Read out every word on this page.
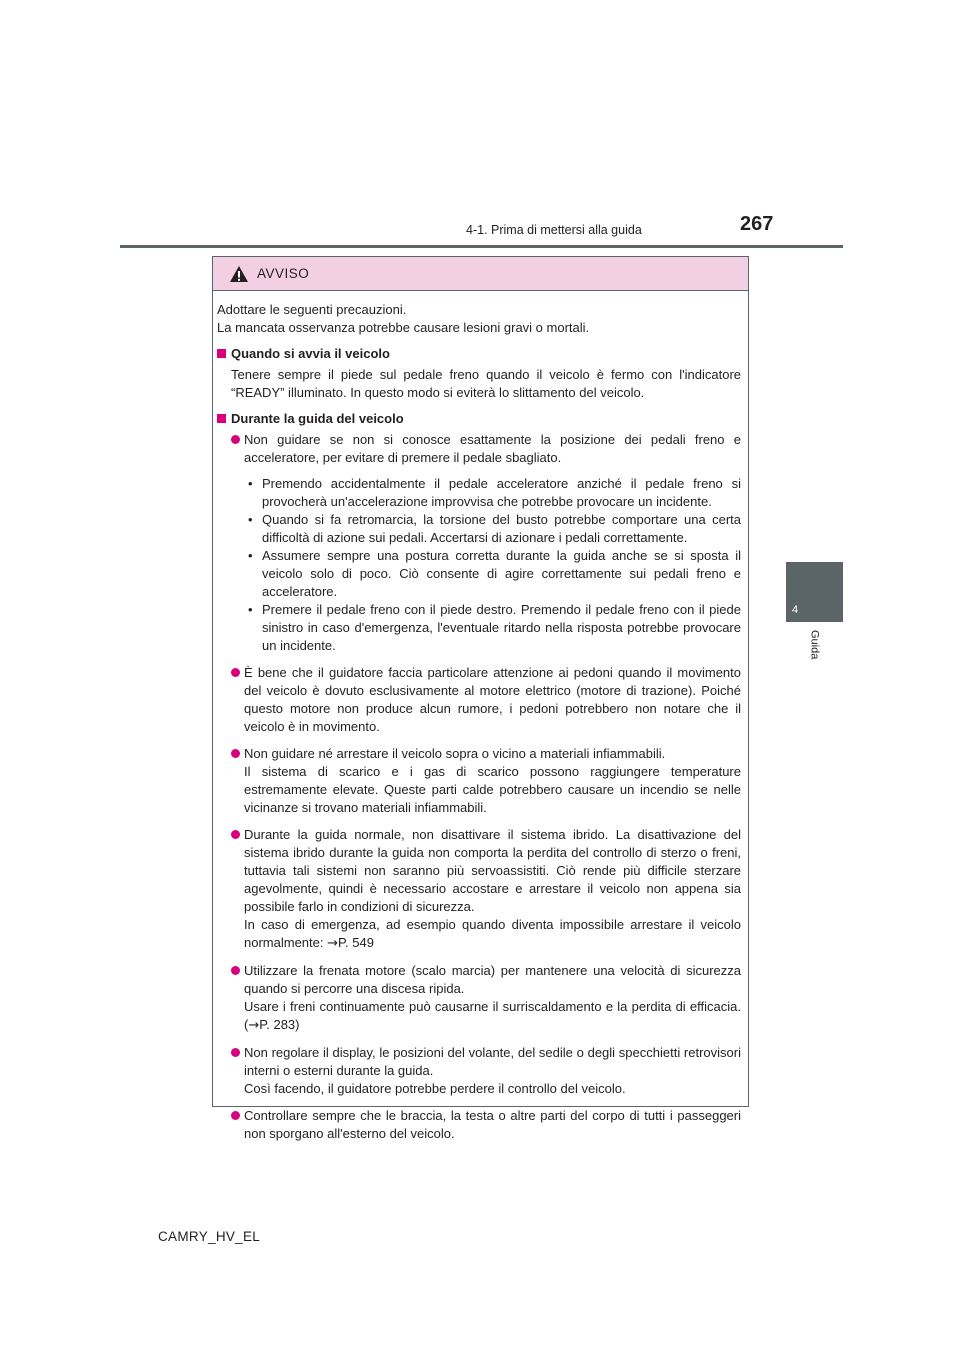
4-1. Prima di mettersi alla guida	267
4
Guida
AVVISO
Adottare le seguenti precauzioni.
La mancata osservanza potrebbe causare lesioni gravi o mortali.
Quando si avvia il veicolo
Tenere sempre il piede sul pedale freno quando il veicolo è fermo con l'indicatore “READY” illuminato. In questo modo si eviterà lo slittamento del veicolo.
Durante la guida del veicolo
Non guidare se non si conosce esattamente la posizione dei pedali freno e acceleratore, per evitare di premere il pedale sbagliato.
• Premendo accidentalmente il pedale acceleratore anziché il pedale freno si provocherà un'accelerazione improvvisa che potrebbe provocare un incidente.
• Quando si fa retromarcia, la torsione del busto potrebbe comportare una certa difficoltà di azione sui pedali. Accertarsi di azionare i pedali correttamente.
• Assumere sempre una postura corretta durante la guida anche se si sposta il veicolo solo di poco. Ciò consente di agire correttamente sui pedali freno e acceleratore.
• Premere il pedale freno con il piede destro. Premendo il pedale freno con il piede sinistro in caso d'emergenza, l'eventuale ritardo nella risposta potrebbe provocare un incidente.
È bene che il guidatore faccia particolare attenzione ai pedoni quando il movimento del veicolo è dovuto esclusivamente al motore elettrico (motore di trazione). Poiché questo motore non produce alcun rumore, i pedoni potrebbero non notare che il veicolo è in movimento.
Non guidare né arrestare il veicolo sopra o vicino a materiali infiammabili.
Il sistema di scarico e i gas di scarico possono raggiungere temperature estremamente elevate. Queste parti calde potrebbero causare un incendio se nelle vicinanze si trovano materiali infiammabili.
Durante la guida normale, non disattivare il sistema ibrido. La disattivazione del sistema ibrido durante la guida non comporta la perdita del controllo di sterzo o freni, tuttavia tali sistemi non saranno più servoassistiti. Ciò rende più difficile sterzare agevolmente, quindi è necessario accostare e arrestare il veicolo non appena sia possibile farlo in condizioni di sicurezza.
In caso di emergenza, ad esempio quando diventa impossibile arrestare il veicolo normalmente: →P. 549
Utilizzare la frenata motore (scalo marcia) per mantenere una velocità di sicurezza quando si percorre una discesa ripida.
Usare i freni continuamente può causarne il surriscaldamento e la perdita di efficacia. (→P. 283)
Non regolare il display, le posizioni del volante, del sedile o degli specchietti retrovisori interni o esterni durante la guida.
Così facendo, il guidatore potrebbe perdere il controllo del veicolo.
Controllare sempre che le braccia, la testa o altre parti del corpo di tutti i passeggeri non sporgano all'esterno del veicolo.
CAMRY_HV_EL
